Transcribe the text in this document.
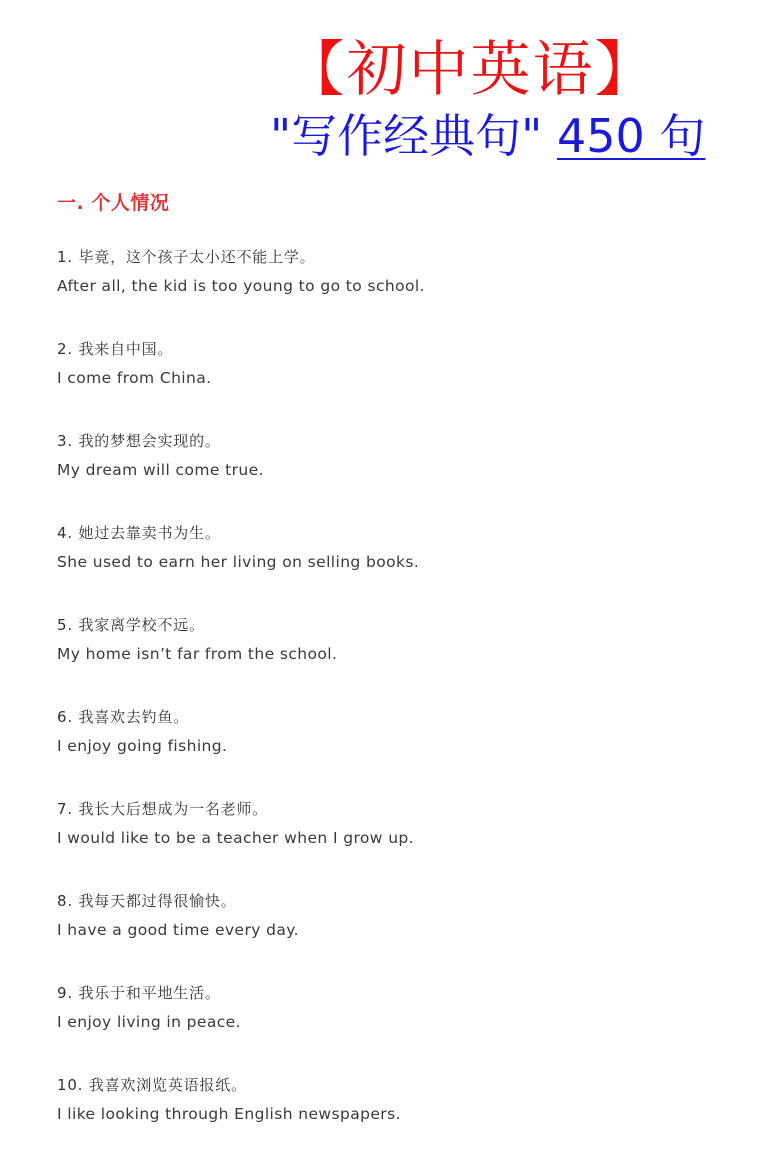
【初中英语】
"写作经典句" 450 句
一. 个人情况
1. 毕竟，这个孩子太小还不能上学。
After all, the kid is too young to go to school.
2. 我来自中国。
I come from China.
3. 我的梦想会实现的。
My dream will come true.
4. 她过去靠卖书为生。
She used to earn her living on selling books.
5. 我家离学校不远。
My home isn’t far from the school.
6. 我喜欢去钓鱼。
I enjoy going fishing.
7. 我长大后想成为一名老师。
I would like to be a teacher when I grow up.
8. 我每天都过得很愉快。
I have a good time every day.
9. 我乐于和平地生活。
I enjoy living in peace.
10. 我喜欢浏览英语报纸。
I like looking through English newspapers.
